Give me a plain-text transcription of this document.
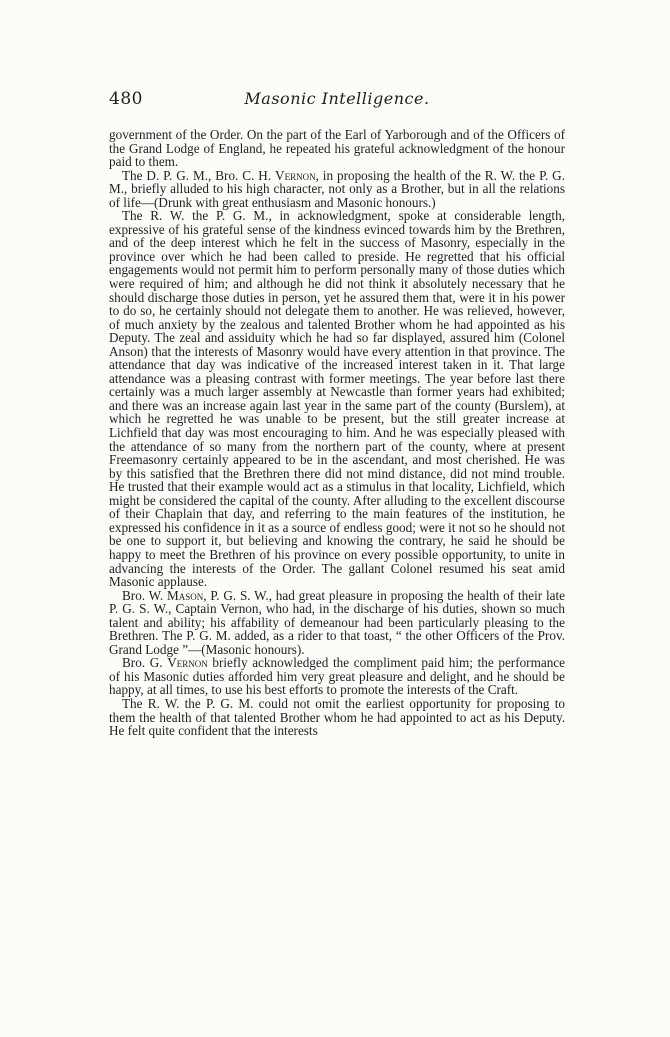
480	Masonic Intelligence.

government of the Order. On the part of the Earl of Yarborough and of the Officers of the Grand Lodge of England, he repeated his grateful acknowledgment of the honour paid to them.

The D. P. G. M., Bro. C. H. Vernon, in proposing the health of the R. W. the P. G. M., briefly alluded to his high character, not only as a Brother, but in all the relations of life—(Drunk with great enthusiasm and Masonic honours.)

The R. W. the P. G. M., in acknowledgment, spoke at considerable length, expressive of his grateful sense of the kindness evinced towards him by the Brethren, and of the deep interest which he felt in the success of Masonry, especially in the province over which he had been called to preside. He regretted that his official engagements would not permit him to perform personally many of those duties which were required of him; and although he did not think it absolutely necessary that he should discharge those duties in person, yet he assured them that, were it in his power to do so, he certainly should not delegate them to another. He was relieved, however, of much anxiety by the zealous and talented Brother whom he had appointed as his Deputy. The zeal and assiduity which he had so far displayed, assured him (Colonel Anson) that the interests of Masonry would have every attention in that province. The attendance that day was indicative of the increased interest taken in it. That large attendance was a pleasing contrast with former meetings. The year before last there certainly was a much larger assembly at Newcastle than former years had exhibited; and there was an increase again last year in the same part of the county (Burslem), at which he regretted he was unable to be present, but the still greater increase at Lichfield that day was most encouraging to him. And he was especially pleased with the attendance of so many from the northern part of the county, where at present Freemasonry certainly appeared to be in the ascendant, and most cherished. He was by this satisfied that the Brethren there did not mind distance, did not mind trouble. He trusted that their example would act as a stimulus in that locality, Lichfield, which might be considered the capital of the county. After alluding to the excellent discourse of their Chaplain that day, and referring to the main features of the institution, he expressed his confidence in it as a source of endless good; were it not so he should not be one to support it, but believing and knowing the contrary, he said he should be happy to meet the Brethren of his province on every possible opportunity, to unite in advancing the interests of the Order. The gallant Colonel resumed his seat amid Masonic applause.

Bro. W. Mason, P. G. S. W., had great pleasure in proposing the health of their late P. G. S. W., Captain Vernon, who had, in the discharge of his duties, shown so much talent and ability; his affability of demeanour had been particularly pleasing to the Brethren. The P. G. M. added, as a rider to that toast, “ the other Officers of the Prov. Grand Lodge ”—(Masonic honours).

Bro. G. Vernon briefly acknowledged the compliment paid him; the performance of his Masonic duties afforded him very great pleasure and delight, and he should be happy, at all times, to use his best efforts to promote the interests of the Craft.

The R. W. the P. G. M. could not omit the earliest opportunity for proposing to them the health of that talented Brother whom he had appointed to act as his Deputy. He felt quite confident that the interests
